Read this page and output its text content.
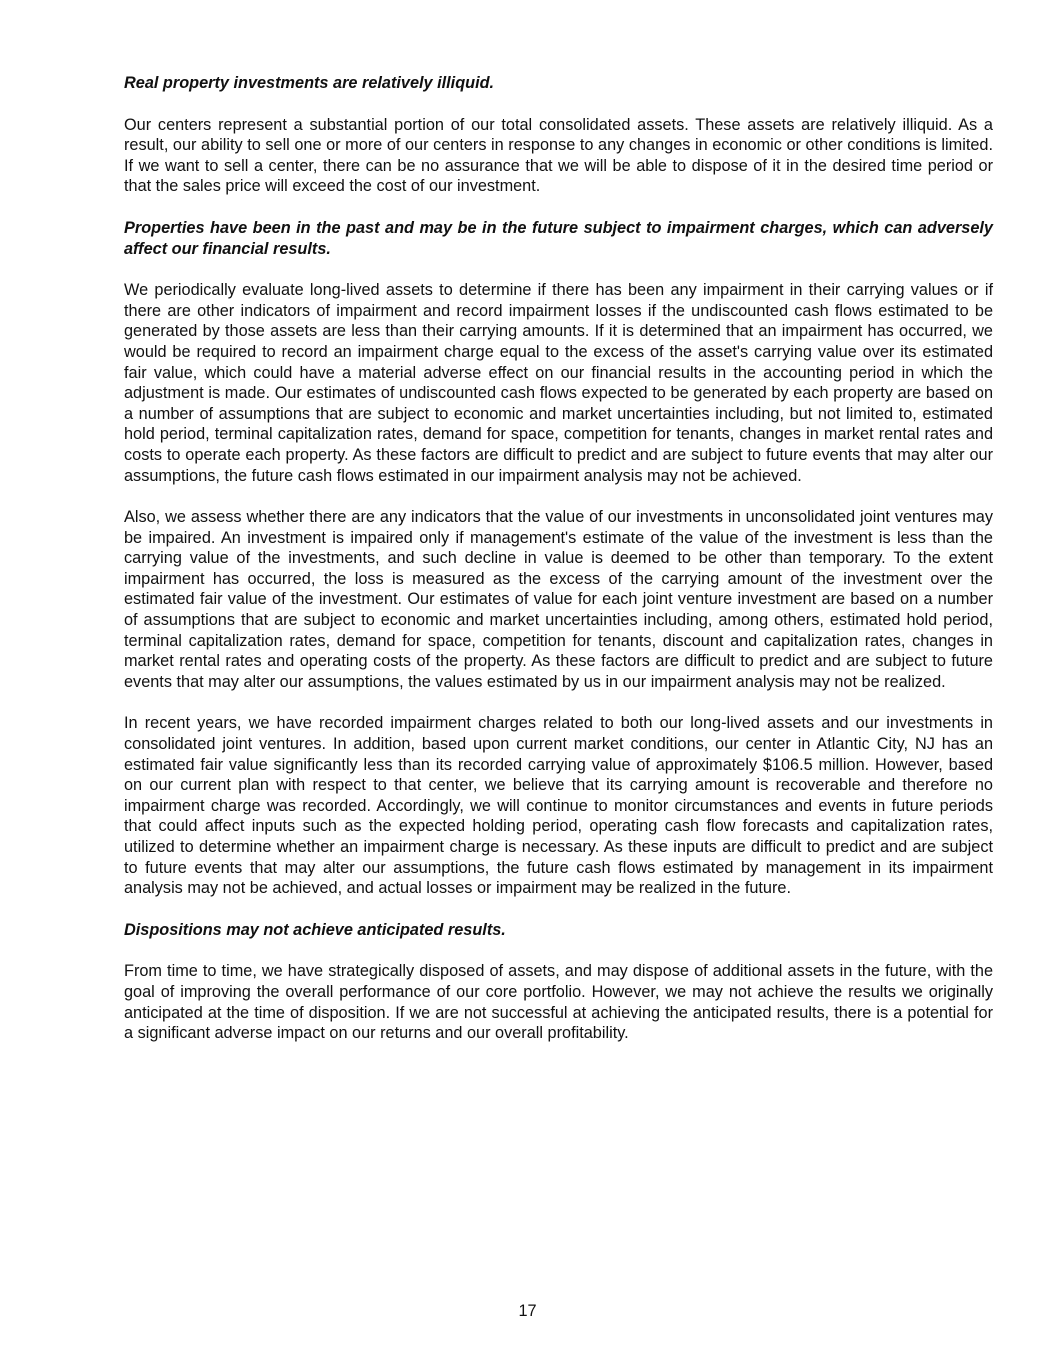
Real property investments are relatively illiquid.

Our centers represent a substantial portion of our total consolidated assets. These assets are relatively illiquid. As a result, our ability to sell one or more of our centers in response to any changes in economic or other conditions is limited. If we want to sell a center, there can be no assurance that we will be able to dispose of it in the desired time period or that the sales price will exceed the cost of our investment.

Properties have been in the past and may be in the future subject to impairment charges, which can adversely affect our financial results.

We periodically evaluate long-lived assets to determine if there has been any impairment in their carrying values or if there are other indicators of impairment and record impairment losses if the undiscounted cash flows estimated to be generated by those assets are less than their carrying amounts. If it is determined that an impairment has occurred, we would be required to record an impairment charge equal to the excess of the asset's carrying value over its estimated fair value, which could have a material adverse effect on our financial results in the accounting period in which the adjustment is made. Our estimates of undiscounted cash flows expected to be generated by each property are based on a number of assumptions that are subject to economic and market uncertainties including, but not limited to, estimated hold period, terminal capitalization rates, demand for space, competition for tenants, changes in market rental rates and costs to operate each property. As these factors are difficult to predict and are subject to future events that may alter our assumptions, the future cash flows estimated in our impairment analysis may not be achieved.

Also, we assess whether there are any indicators that the value of our investments in unconsolidated joint ventures may be impaired. An investment is impaired only if management's estimate of the value of the investment is less than the carrying value of the investments, and such decline in value is deemed to be other than temporary. To the extent impairment has occurred, the loss is measured as the excess of the carrying amount of the investment over the estimated fair value of the investment. Our estimates of value for each joint venture investment are based on a number of assumptions that are subject to economic and market uncertainties including, among others, estimated hold period, terminal capitalization rates, demand for space, competition for tenants, discount and capitalization rates, changes in market rental rates and operating costs of the property. As these factors are difficult to predict and are subject to future events that may alter our assumptions, the values estimated by us in our impairment analysis may not be realized.

In recent years, we have recorded impairment charges related to both our long-lived assets and our investments in consolidated joint ventures. In addition, based upon current market conditions, our center in Atlantic City, NJ has an estimated fair value significantly less than its recorded carrying value of approximately $106.5 million. However, based on our current plan with respect to that center, we believe that its carrying amount is recoverable and therefore no impairment charge was recorded. Accordingly, we will continue to monitor circumstances and events in future periods that could affect inputs such as the expected holding period, operating cash flow forecasts and capitalization rates, utilized to determine whether an impairment charge is necessary. As these inputs are difficult to predict and are subject to future events that may alter our assumptions, the future cash flows estimated by management in its impairment analysis may not be achieved, and actual losses or impairment may be realized in the future.

Dispositions may not achieve anticipated results.

From time to time, we have strategically disposed of assets, and may dispose of additional assets in the future, with the goal of improving the overall performance of our core portfolio. However, we may not achieve the results we originally anticipated at the time of disposition. If we are not successful at achieving the anticipated results, there is a potential for a significant adverse impact on our returns and our overall profitability.

17
